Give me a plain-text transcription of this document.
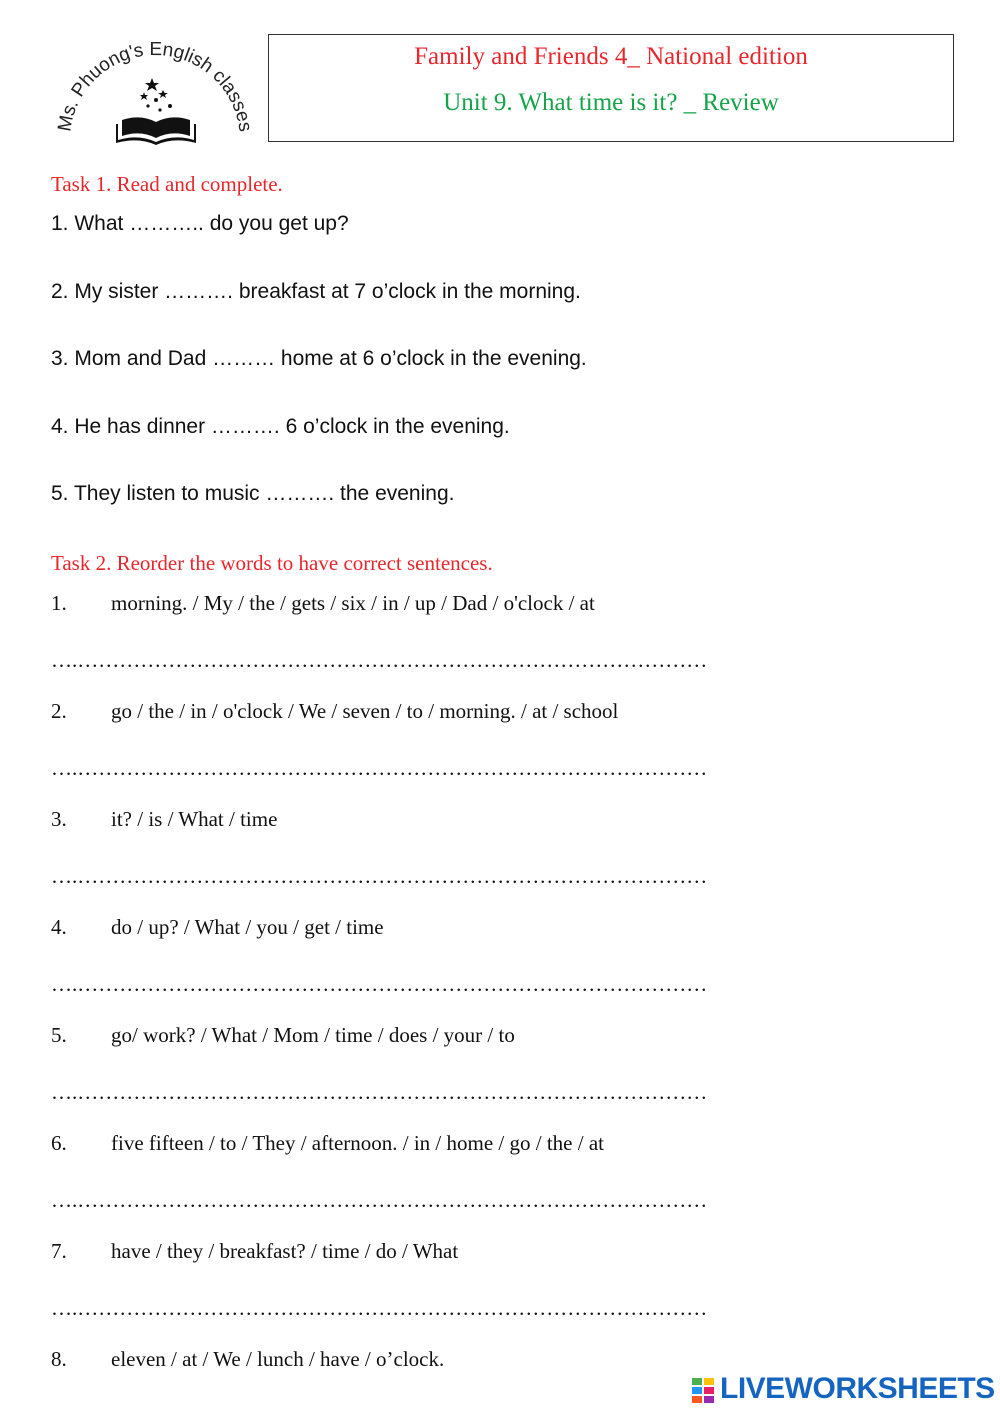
Ms. Phuong's English classes
Family and Friends 4_ National edition
Unit 9. What time is it? _ Review
Task 1. Read and complete.
1. What ……….. do you get up?
2. My sister ………. breakfast at 7 o’clock in the morning.
3. Mom and Dad ……… home at 6 o’clock in the evening.
4. He has dinner ………. 6 o’clock in the evening.
5. They listen to music ………. the evening.
Task 2. Reorder the words to have correct sentences.
1. morning. / My / the / gets / six / in / up / Dad / o'clock / at
….………………………………………………………………………………
2. go / the / in / o'clock / We / seven / to / morning. / at / school
….………………………………………………………………………………
3. it? / is / What / time
….………………………………………………………………………………
4. do / up? / What / you / get / time
….………………………………………………………………………………
5. go/ work? / What / Mom / time / does / your / to
….………………………………………………………………………………
6. five fifteen / to / They / afternoon. / in / home / go / the / at
….………………………………………………………………………………
7. have / they / breakfast? / time / do / What
….………………………………………………………………………………
8. eleven / at / We / lunch / have / o’clock.
LIVEWORKSHEETS
